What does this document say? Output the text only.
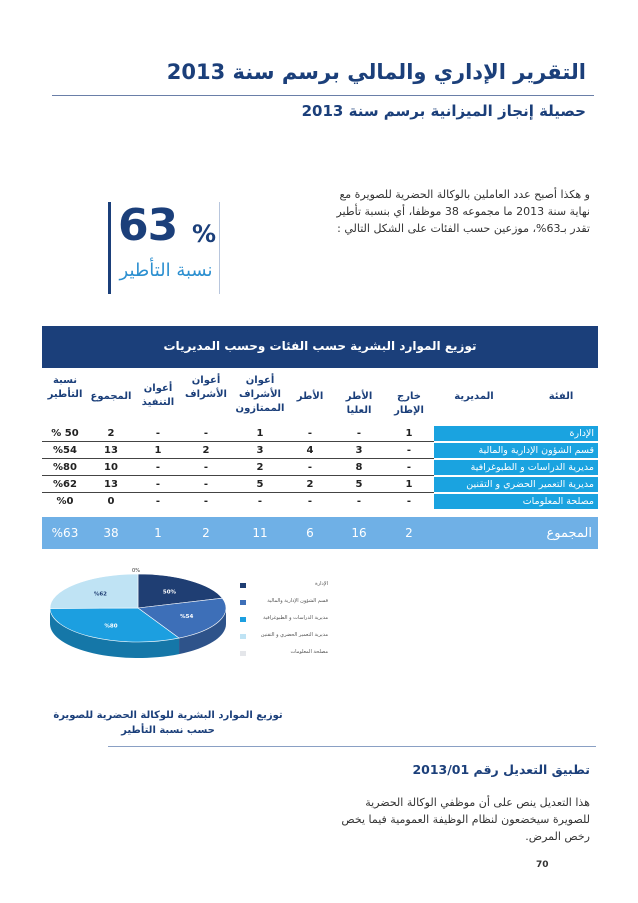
التقرير الإداري والمالي برسم سنة 2013
حصيلة إنجاز الميزانية برسم سنة 2013
و هكذا أصبح عدد العاملين بالوكالة الحضرية للصويرة مع نهاية سنة 2013 ما مجموعه 38 موظفا، أي بنسبة تأطير تقدر بـ63%، موزعين حسب الفئات على الشكل التالي :
63 %
نسبة التأطير
توزيع الموارد البشرية حسب الفئات وحسب المديريات
الفئة
المديرية
خارج الإطار
الأطر العليا
الأطر
أعوان الأشراف الممتازون
أعوان الأشراف
أعوان التنفيذ
المجموع
نسبة التأطير
الإدارة
1
-
-
1
-
-
2
% 50
قسم الشؤون الإدارية والمالية
-
3
4
3
2
1
13
%54
مديرية الدراسات و الطبوغرافية
-
8
-
2
-
-
10
%80
مديرية التعمير الحضري و التقنين
1
5
2
5
-
-
13
%62
مصلحة المعلومات
-
-
-
-
-
-
0
%0
المجموع
2
16
6
11
2
1
38
%63
50%
%54
%80
%62
0%
الإدارة
قسم الشؤون الإدارية والمالية
مديرية الدراسات و الطبوغرافية
مديرية التعمير الحضري و التقنين
مصلحة المعلومات
توزيع الموارد البشرية للوكالة الحضرية للصويرة حسب نسبة التأطير
تطبيق التعديل رقم 2013/01
هذا التعديل ينص على أن موظفي الوكالة الحضرية للصويرة سيخضعون لنظام الوظيفة العمومية فيما يخص رخص المرض.
70
